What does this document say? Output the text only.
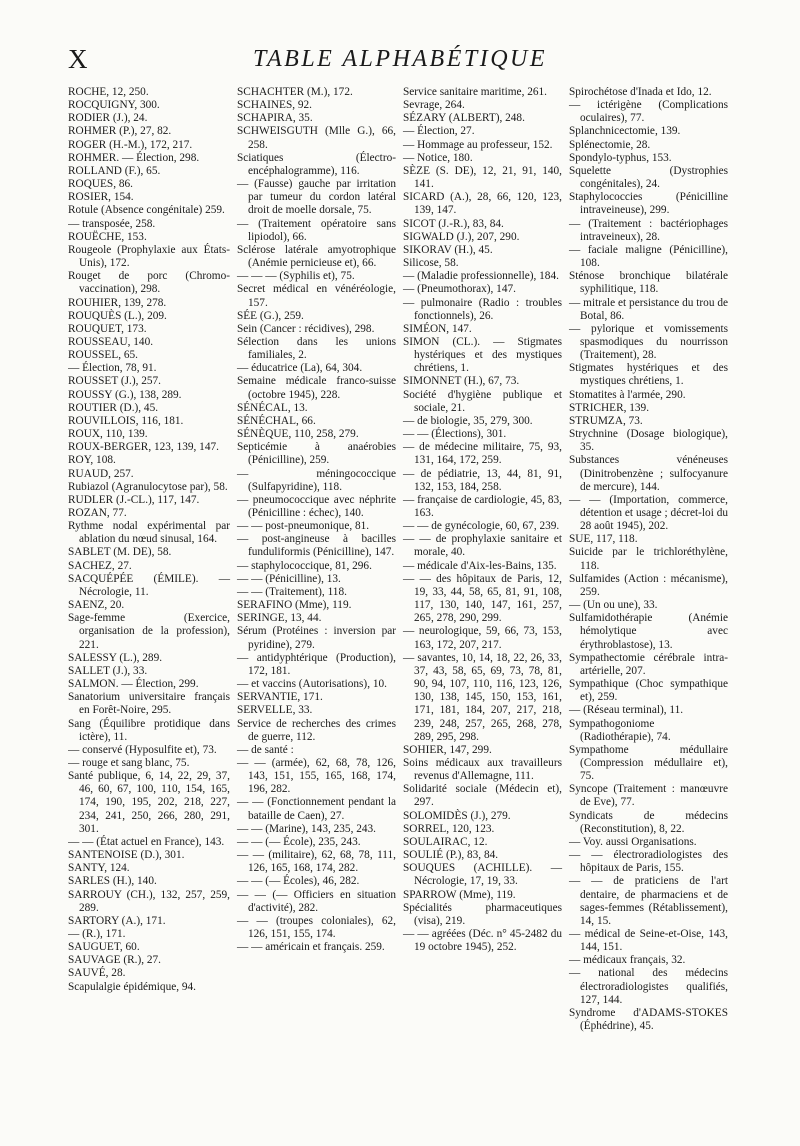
X	TABLE ALPHABÉTIQUE

ROCHE, 12, 250.

ROCQUIGNY, 300.

RODIER (J.), 24.

ROHMER (P.), 27, 82.

ROGER (H.-M.), 172, 217.

ROHMER. — Élection, 298.

ROLLAND (F.), 65.

ROQUES, 86.

ROSIER, 154.

Rotule (Absence congénitale) 259.

— transposée, 258.

ROUËCHE, 153.

Rougeole (Prophylaxie aux États-Unis), 172.

Rouget de porc (Chromo-vaccination), 298.

ROUHIER, 139, 278.

ROUQUÈS (L.), 209.

ROUQUET, 173.

ROUSSEAU, 140.

ROUSSEL, 65.

— Élection, 78, 91.

ROUSSET (J.), 257.

ROUSSY (G.), 138, 289.

ROUTIER (D.), 45.

ROUVILLOIS, 116, 181.

ROUX, 110, 139.

ROUX-BERGER, 123, 139, 147.

ROY, 108.

RUAUD, 257.

Rubiazol (Agranulocytose par), 58.

RUDLER (J.-CL.), 117, 147.

ROZAN, 77.

Rythme nodal expérimental par ablation du nœud sinusal, 164.

SABLET (M. DE), 58.

SACHEZ, 27.

SACQUÉPÉE (ÉMILE). — Nécrologie, 11.

SAENZ, 20.

Sage-femme (Exercice, organisation de la profession), 221.

SALESSY (L.), 289.

SALLET (J.), 33.

SALMON. — Élection, 299.

Sanatorium universitaire français en Forêt-Noire, 295.

Sang (Équilibre protidique dans ictère), 11.

— conservé (Hyposulfite et), 73.

— rouge et sang blanc, 75.

Santé publique, 6, 14, 22, 29, 37, 46, 60, 67, 100, 110, 154, 165, 174, 190, 195, 202, 218, 227, 234, 241, 250, 266, 280, 291, 301.

— — (État actuel en France), 143.

SANTENOISE (D.), 301.

SANTY, 124.

SARLES (H.), 140.

SARROUY (CH.), 132, 257, 259, 289.

SARTORY (A.), 171.

— (R.), 171.

SAUGUET, 60.

SAUVAGE (R.), 27.

SAUVÉ, 28.

Scapulalgie épidémique, 94.

SCHACHTER (M.), 172.

SCHAINES, 92.

SCHAPIRA, 35.

SCHWEISGUTH (Mlle G.), 66, 258.

Sciatiques (Électro-encéphalogramme), 116.

— (Fausse) gauche par irritation par tumeur du cordon latéral droit de moelle dorsale, 75.

— (Traitement opératoire sans lipiodol), 66.

Sclérose latérale amyotrophique (Anémie pernicieuse et), 66.

— — — (Syphilis et), 75.

Secret médical en vénéréologie, 157.

SÉE (G.), 259.

Sein (Cancer : récidives), 298.

Sélection dans les unions familiales, 2.

— éducatrice (La), 64, 304.

Semaine médicale franco-suisse (octobre 1945), 228.

SÉNÉCAL, 13.

SÉNÉCHAL, 66.

SÉNÈQUE, 110, 258, 279.

Septicémie à anaérobies (Pénicilline), 259.

— méningococcique (Sulfapyridine), 118.

— pneumococcique avec néphrite (Pénicilline : échec), 140.

— — post-pneumonique, 81.

— post-angineuse à bacilles funduliformis (Pénicilline), 147.

— staphylococcique, 81, 296.

— — (Pénicilline), 13.

— — (Traitement), 118.

SERAFINO (Mme), 119.

SERINGE, 13, 44.

Sérum (Protéines : inversion par pyridine), 279.

— antidyphtérique (Production), 172, 181.

— et vaccins (Autorisations), 10.

SERVANTIE, 171.

SERVELLE, 33.

Service de recherches des crimes de guerre, 112.

— de santé :

— — (armée), 62, 68, 78, 126, 143, 151, 155, 165, 168, 174, 196, 282.

— — (Fonctionnement pendant la bataille de Caen), 27.

— — (Marine), 143, 235, 243.

— — (— École), 235, 243.

— — (militaire), 62, 68, 78, 111, 126, 165, 168, 174, 282.

— — (— Écoles), 46, 282.

— — (— Officiers en situation d'activité), 282.

— — (troupes coloniales), 62, 126, 151, 155, 174.

— — américain et français. 259.

Service sanitaire maritime, 261.

Sevrage, 264.

SÉZARY (ALBERT), 248.

— Élection, 27.

— Hommage au professeur, 152.

— Notice, 180.

SÈZE (S. DE), 12, 21, 91, 140, 141.

SICARD (A.), 28, 66, 120, 123, 139, 147.

SICOT (J.-R.), 83, 84.

SIGWALD (J.), 207, 290.

SIKORAV (H.), 45.

Silicose, 58.

— (Maladie professionnelle), 184.

— (Pneumothorax), 147.

— pulmonaire (Radio : troubles fonctionnels), 26.

SIMÉON, 147.

SIMON (CL.). — Stigmates hystériques et des mystiques chrétiens, 1.

SIMONNET (H.), 67, 73.

Société d'hygiène publique et sociale, 21.

— de biologie, 35, 279, 300.

— — (Élections), 301.

— de médecine militaire, 75, 93, 131, 164, 172, 259.

— de pédiatrie, 13, 44, 81, 91, 132, 153, 184, 258.

— française de cardiologie, 45, 83, 163.

— — de gynécologie, 60, 67, 239.

— — de prophylaxie sanitaire et morale, 40.

— médicale d'Aix-les-Bains, 135.

— — des hôpitaux de Paris, 12, 19, 33, 44, 58, 65, 81, 91, 108, 117, 130, 140, 147, 161, 257, 265, 278, 290, 299.

— neurologique, 59, 66, 73, 153, 163, 172, 207, 217.

— savantes, 10, 14, 18, 22, 26, 33, 37, 43, 58, 65, 69, 73, 78, 81, 90, 94, 107, 110, 116, 123, 126, 130, 138, 145, 150, 153, 161, 171, 181, 184, 207, 217, 218, 239, 248, 257, 265, 268, 278, 289, 295, 298.

SOHIER, 147, 299.

Soins médicaux aux travailleurs revenus d'Allemagne, 111.

Solidarité sociale (Médecin et), 297.

SOLOMIDÈS (J.), 279.

SORREL, 120, 123.

SOULAIRAC, 12.

SOULIÉ (P.), 83, 84.

SOUQUES (ACHILLE). — Nécrologie, 17, 19, 33.

SPARROW (Mme), 119.

Spécialités pharmaceutiques (visa), 219.

— — agréées (Déc. n° 45-2482 du 19 octobre 1945), 252.

Spirochétose d'Inada et Ido, 12.

— ictérigène (Complications oculaires), 77.

Splanchnicectomie, 139.

Splénectomie, 28.

Spondylo-typhus, 153.

Squelette (Dystrophies congénitales), 24.

Staphylococcies (Pénicilline intraveineuse), 299.

— (Traitement : bactériophages intraveineux), 28.

— faciale maligne (Pénicilline), 108.

Sténose bronchique bilatérale syphilitique, 118.

— mitrale et persistance du trou de Botal, 86.

— pylorique et vomissements spasmodiques du nourrisson (Traitement), 28.

Stigmates hystériques et des mystiques chrétiens, 1.

Stomatites à l'armée, 290.

STRICHER, 139.

STRUMZA, 73.

Strychnine (Dosage biologique), 35.

Substances vénéneuses (Dinitrobenzène ; sulfocyanure de mercure), 144.

— — (Importation, commerce, détention et usage ; décret-loi du 28 août 1945), 202.

SUE, 117, 118.

Suicide par le trichloréthylène, 118.

Sulfamides (Action : mécanisme), 259.

— (Un ou une), 33.

Sulfamidothérapie (Anémie hémolytique avec érythroblastose), 13.

Sympathectomie cérébrale intra-artérielle, 207.

Sympathique (Choc sympathique et), 259.

— (Réseau terminal), 11.

Sympathogoniome (Radiothérapie), 74.

Sympathome médullaire (Compression médullaire et), 75.

Syncope (Traitement : manœuvre de Eve), 77.

Syndicats de médecins (Reconstitution), 8, 22.

— Voy. aussi Organisations.

— — électroradiologistes des hôpitaux de Paris, 155.

— — de praticiens de l'art dentaire, de pharmaciens et de sages-femmes (Rétablissement), 14, 15.

— médical de Seine-et-Oise, 143, 144, 151.

— médicaux français, 32.

— national des médecins électroradiologistes qualifiés, 127, 144.

Syndrome d'ADAMS-STOKES (Éphédrine), 45.
